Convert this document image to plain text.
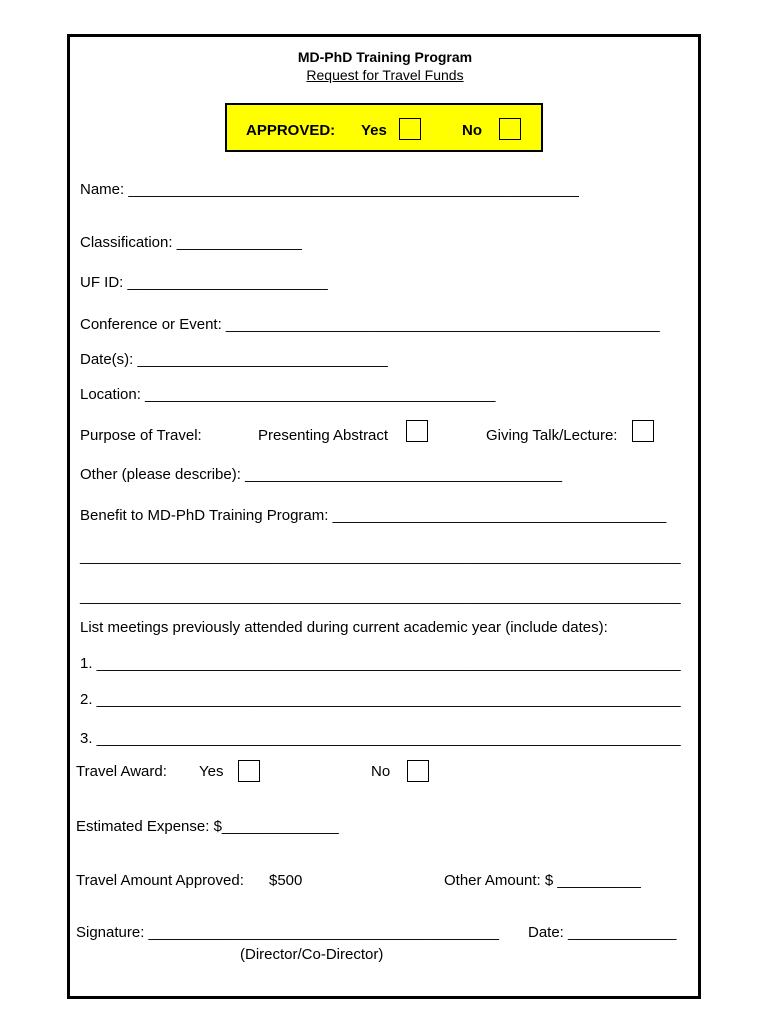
MD-PhD Training Program
Request for Travel Funds
APPROVED: Yes	No
Name: ______________________________________________________
Classification: _______________
UF ID: ________________________
Conference or Event: ____________________________________________________
Date(s): ______________________________
Location: __________________________________________
Purpose of Travel:	Presenting Abstract	Giving Talk/Lecture:
Other (please describe): ______________________________________
Benefit to MD-PhD Training Program: ________________________________________
________________________________________________________________________
________________________________________________________________________
List meetings previously attended during current academic year (include dates):
1. ______________________________________________________________________
2. ______________________________________________________________________
3. ______________________________________________________________________
Travel Award: Yes	No
Estimated Expense: $______________
Travel Amount Approved: $500	Other Amount: $ __________
Signature: __________________________________________ Date: _____________
(Director/Co-Director)
